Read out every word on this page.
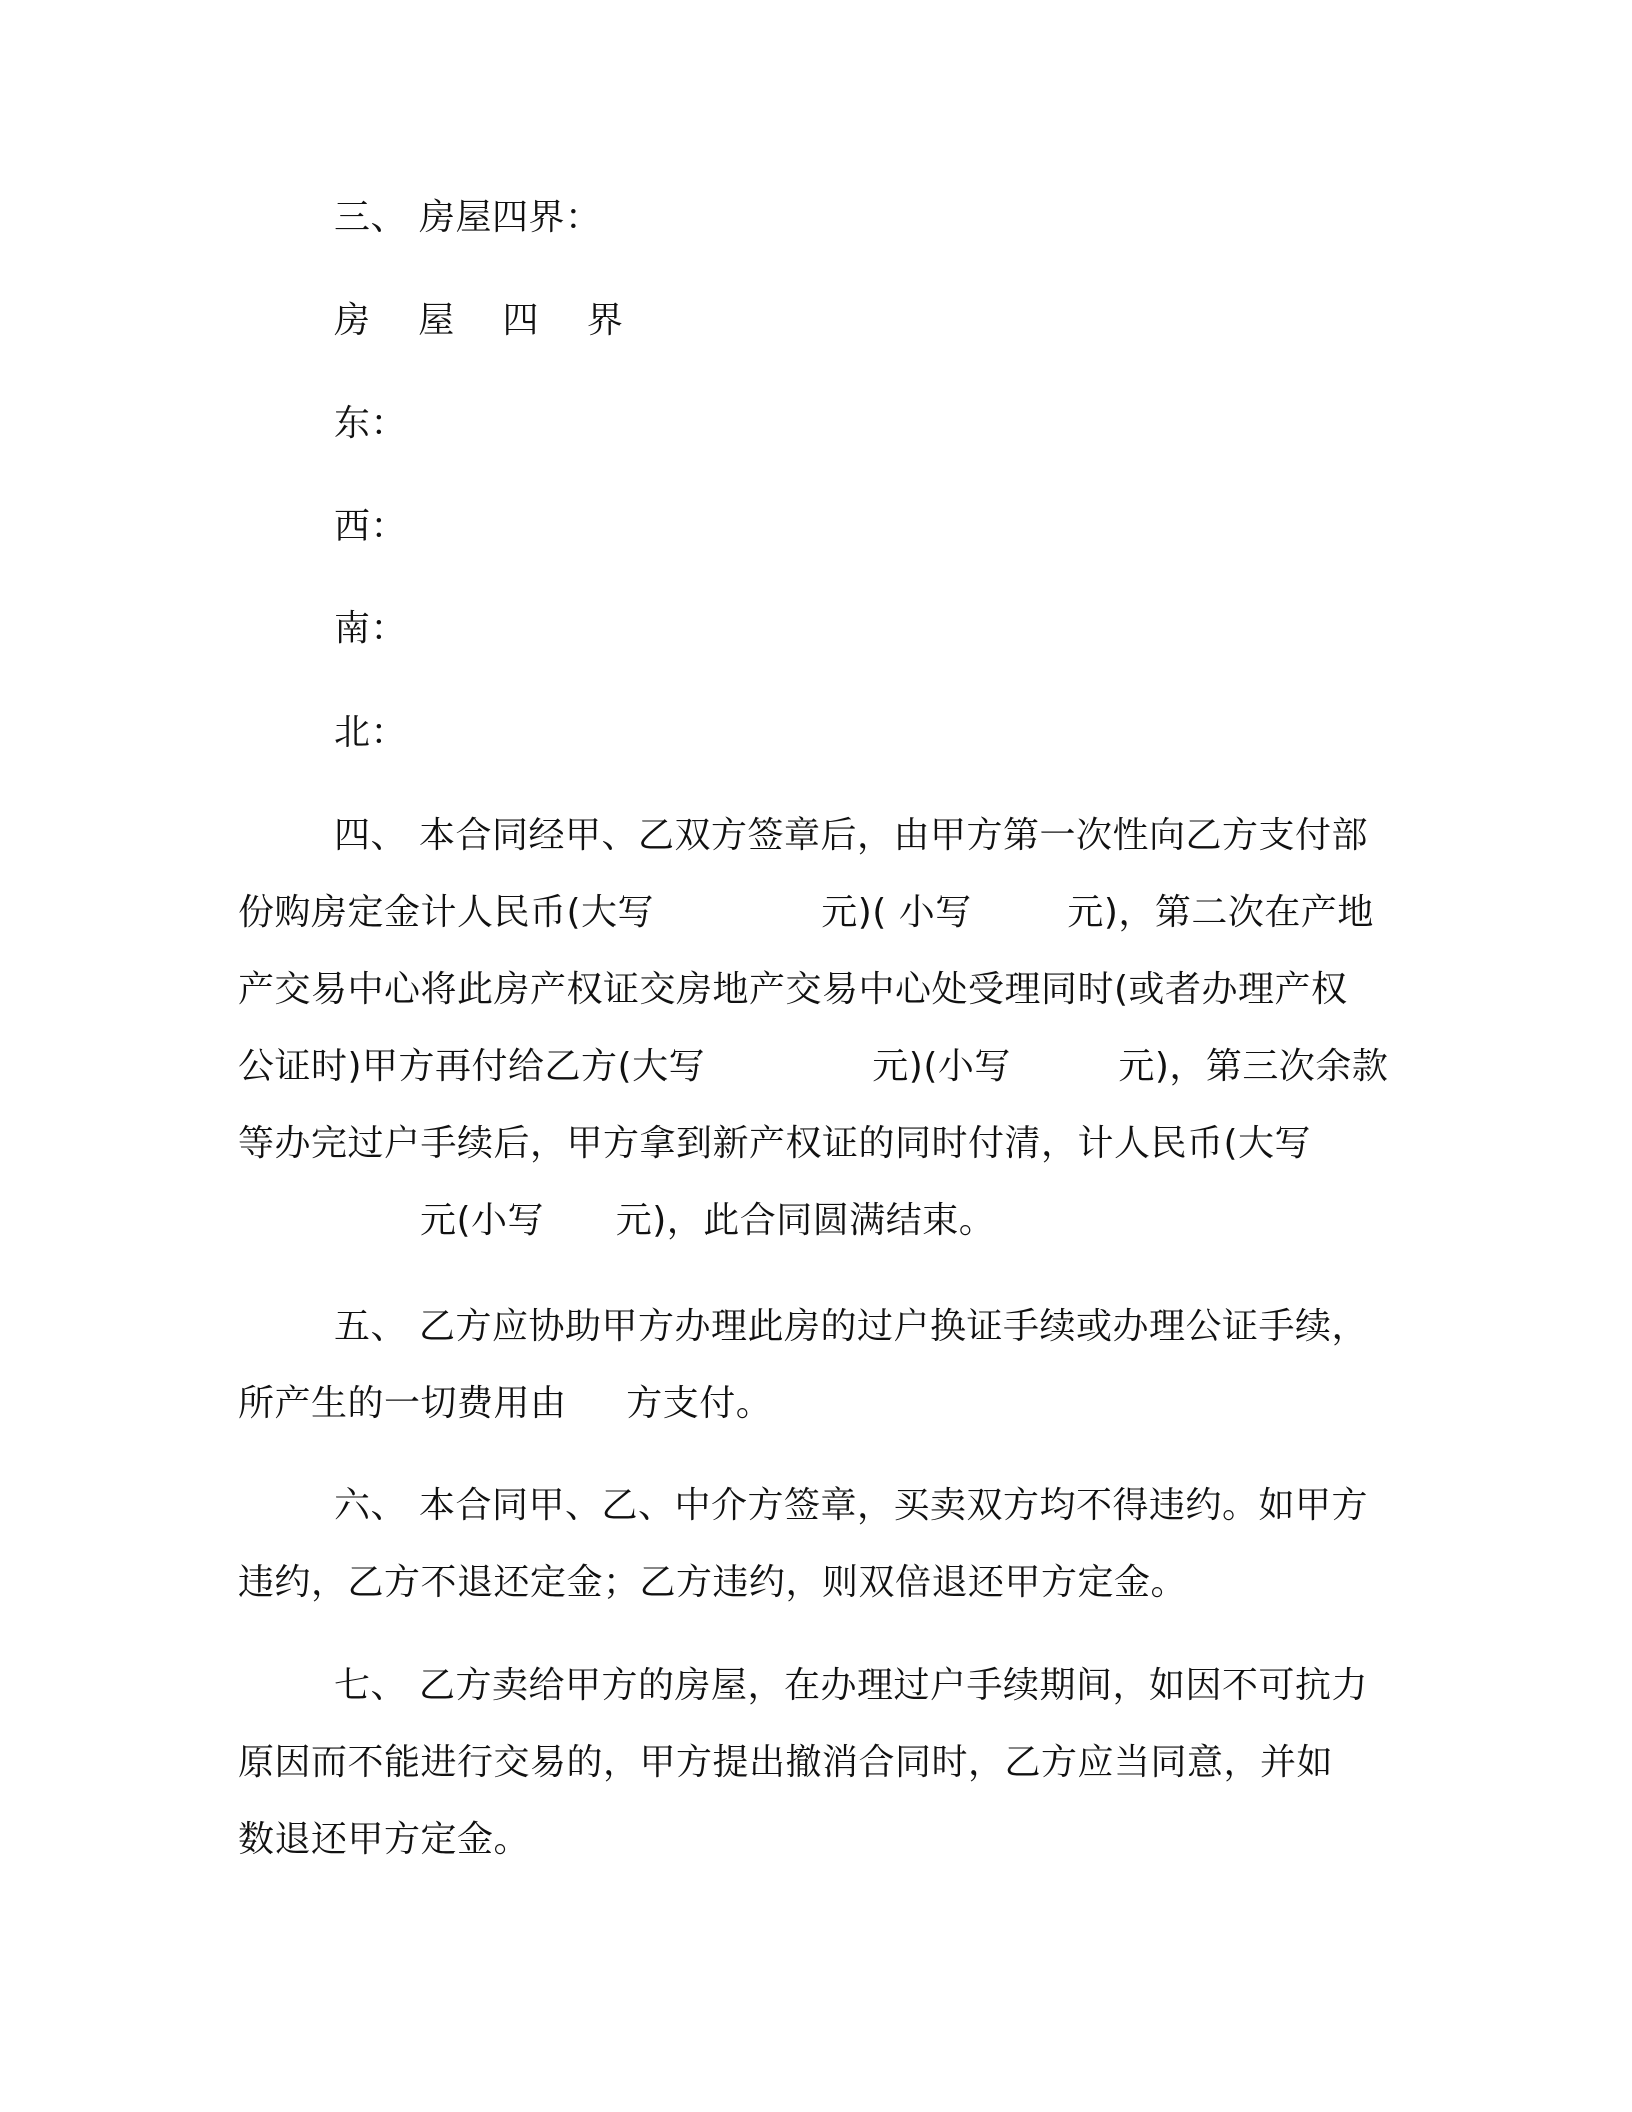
三、 房屋四界：
房    屋    四    界
东：
西：
南：
北：
四、 本合同经甲、乙双方签章后，由甲方第一次性向乙方支付部
份购房定金计人民币(大写              元)( 小写        元)，第二次在产地
产交易中心将此房产权证交房地产交易中心处受理同时(或者办理产权
公证时)甲方再付给乙方(大写              元)(小写         元)，第三次余款
等办完过户手续后，甲方拿到新产权证的同时付清，计人民币(大写
元(小写      元)，此合同圆满结束。
五、 乙方应协助甲方办理此房的过户换证手续或办理公证手续，
所产生的一切费用由     方支付。
六、 本合同甲、乙、中介方签章，买卖双方均不得违约。如甲方
违约，乙方不退还定金；乙方违约，则双倍退还甲方定金。
七、 乙方卖给甲方的房屋，在办理过户手续期间，如因不可抗力
原因而不能进行交易的，甲方提出撤消合同时，乙方应当同意，并如
数退还甲方定金。
